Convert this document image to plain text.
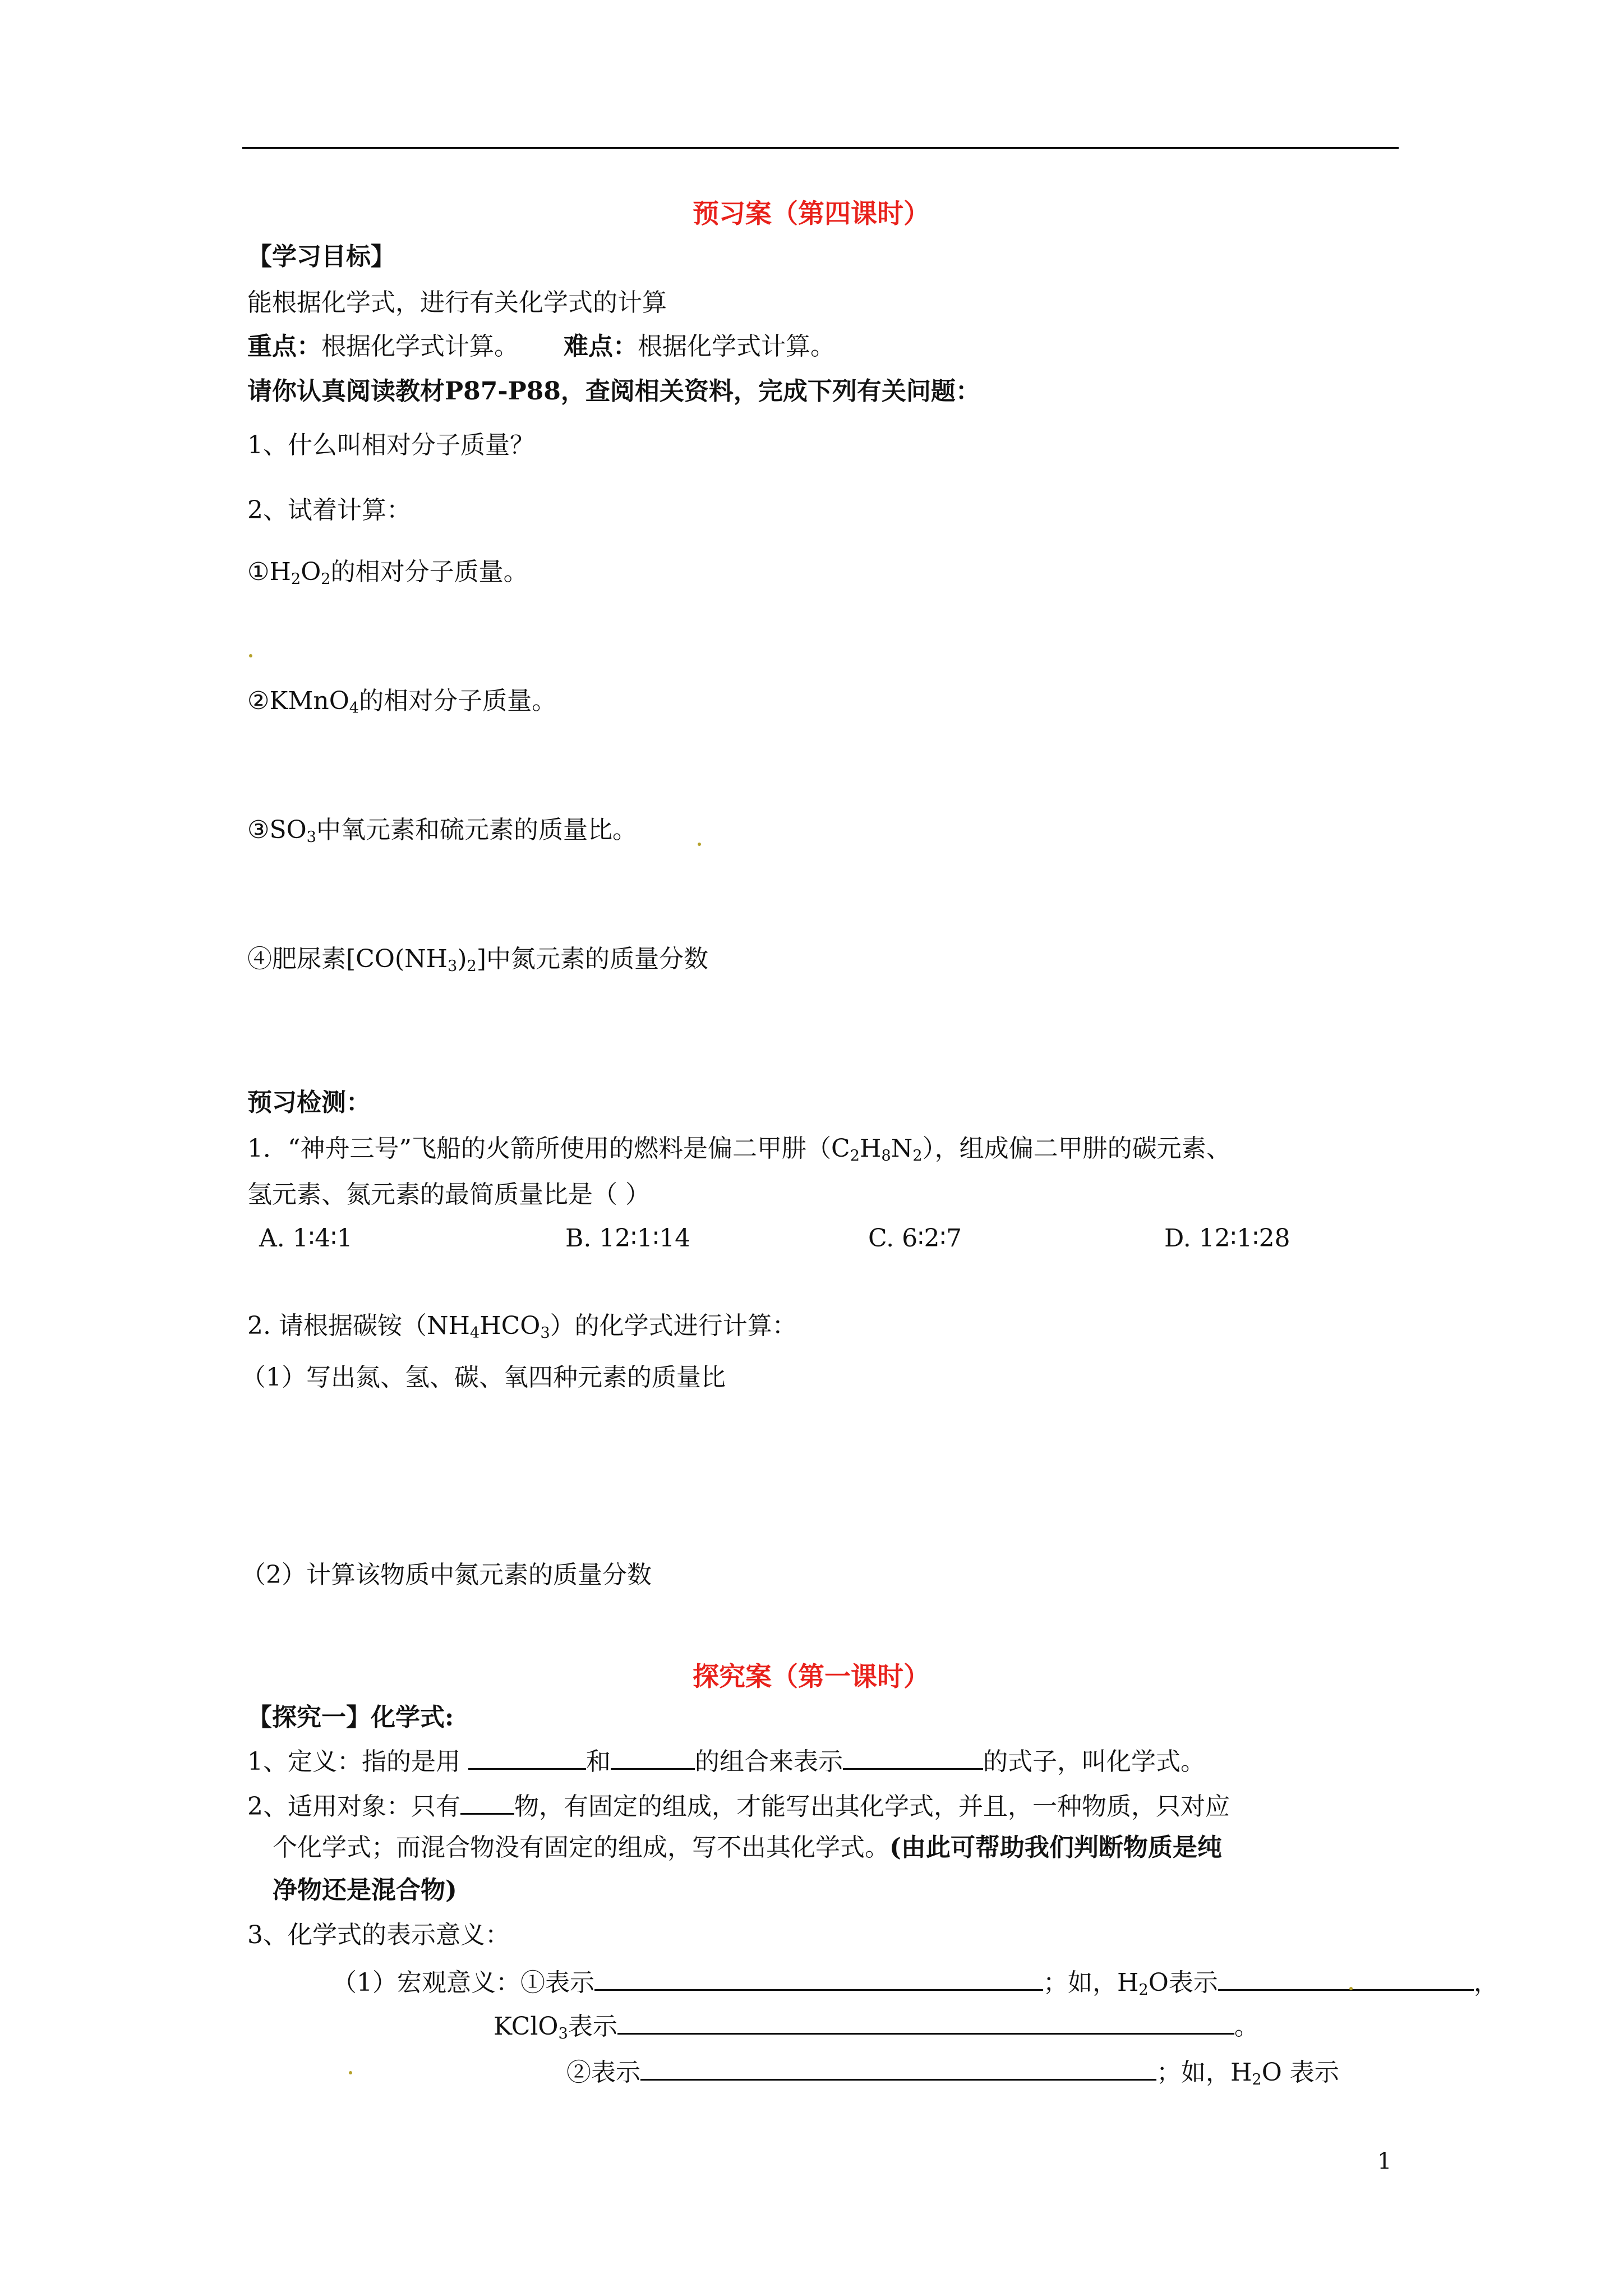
预习案（第四课时）
【学习目标】
能根据化学式，进行有关化学式的计算
重点：根据化学式计算。 难点：根据化学式计算。
请你认真阅读教材P87-P88，查阅相关资料，完成下列有关问题：
1、什么叫相对分子质量？
2、试着计算：
$①H_2O_2$的相对分子质量。
②KMnO$_4$的相对分子质量。
$③SO_3$中氧元素和硫元素的质量比。
④肥尿素$[CO(NH_3)_2]$中氮元素的质量分数
预习检测：
1．“神舟三号”飞船的火箭所使用的燃料是偏二甲肼$(C_2H_8N_2)$，组成偏二甲肼的碳元素、
氢元素、氮元素的最简质量比是（ ）
A. 1∶4∶1	B. 12∶1∶14	C. 6∶2∶7	D. 12∶1∶28
2. 请根据碳铵$(NH_4HCO_3)$的化学式进行计算：
（1）写出氮、氢、碳、氧四种元素的质量比
（2）计算该物质中氮元素的质量分数
探究案（第一课时）
【探究一】化学式:
1、定义：指的是用	和	的组合来表示	的式子，叫化学式。
2、适用对象：只有 物，有固定的组成，才能写出其化学式，并且，一种物质，只对应
个化学式；而混合物没有固定的组成，写不出其化学式。(由此可帮助我们判断物质是纯
净物还是混合物)
3、化学式的表示意义：
（1）宏观意义：①表示	；如，$H_2O$表示	，
KClO$_3$表示	。
②表示	；如，$H_2O$ 表示
1
